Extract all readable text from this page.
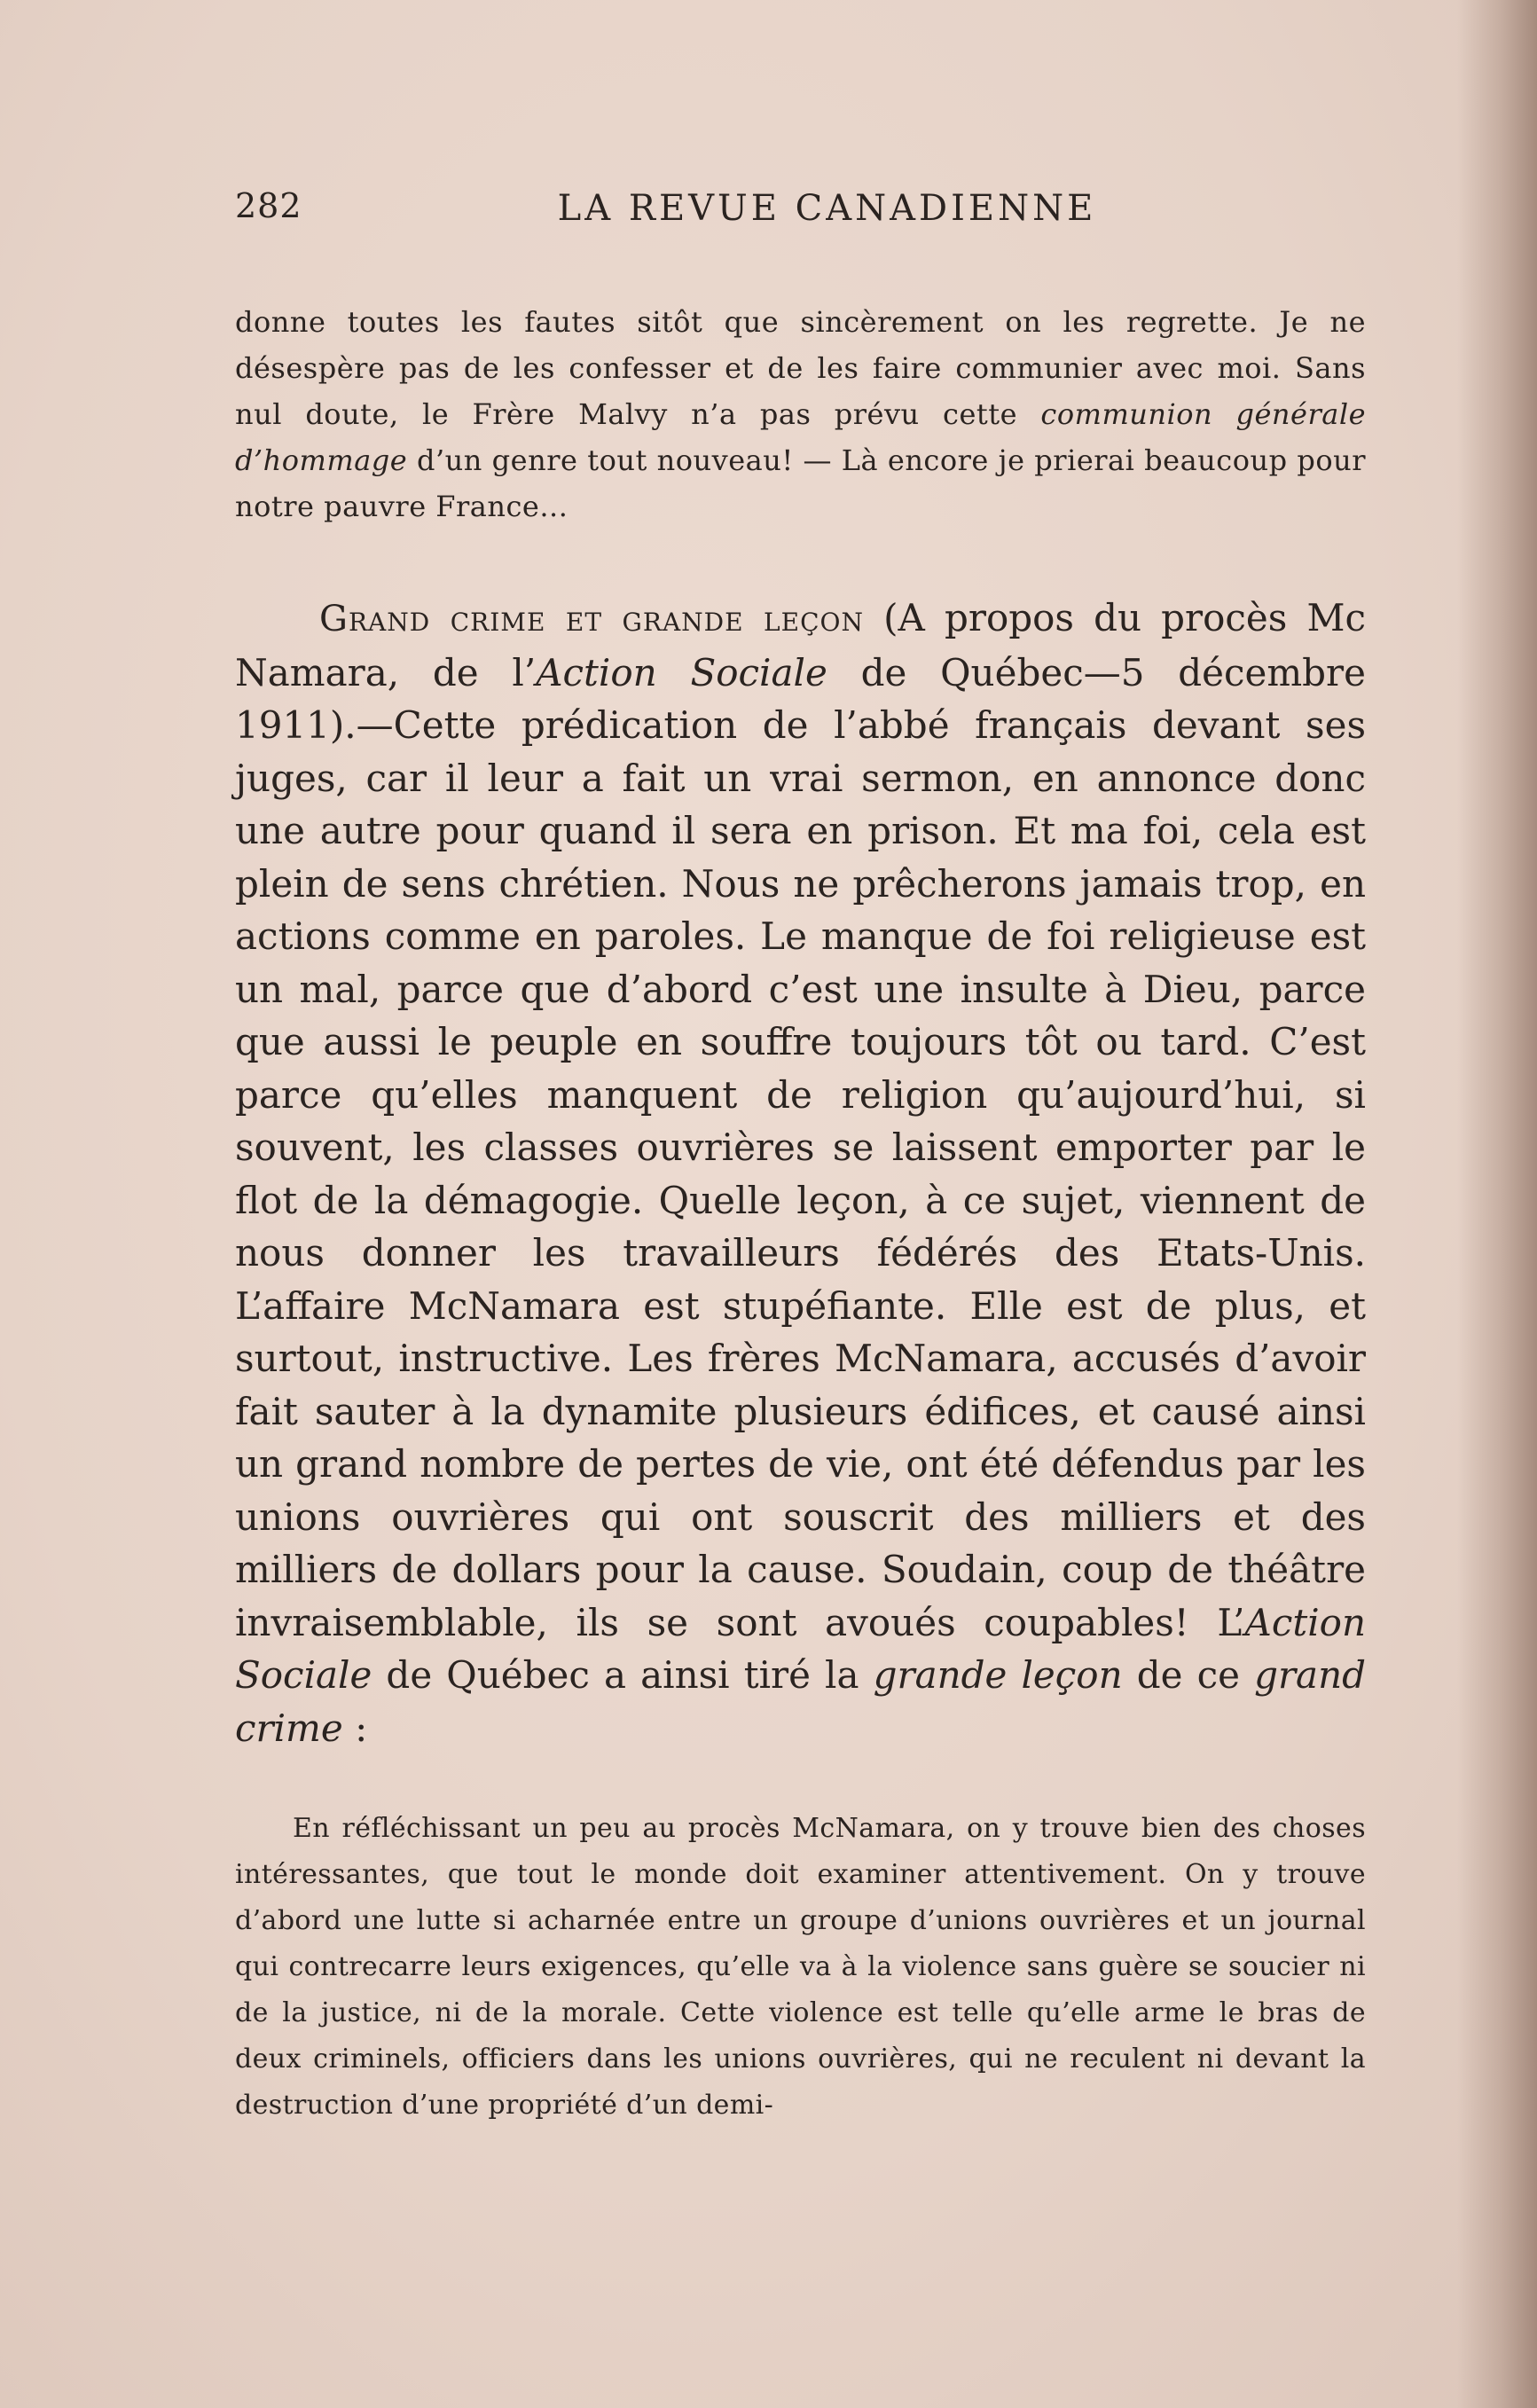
282	LA REVUE CANADIENNE

donne toutes les fautes sitôt que sincèrement on les regrette. Je ne désespère pas de les confesser et de les faire communier avec moi. Sans nul doute, le Frère Malvy n’a pas prévu cette communion générale d’hommage d’un genre tout nouveau! — Là encore je prierai beaucoup pour notre pauvre France...

Grand crime et grande leçon (A propos du procès Mc Namara, de l’Action Sociale de Québec—5 décembre 1911).—Cette prédication de l’abbé français devant ses juges, car il leur a fait un vrai sermon, en annonce donc une autre pour quand il sera en prison. Et ma foi, cela est plein de sens chrétien. Nous ne prêcherons jamais trop, en actions comme en paroles. Le manque de foi religieuse est un mal, parce que d’abord c’est une insulte à Dieu, parce que aussi le peuple en souffre toujours tôt ou tard. C’est parce qu’elles manquent de religion qu’aujourd’hui, si souvent, les classes ouvrières se laissent emporter par le flot de la démagogie. Quelle leçon, à ce sujet, viennent de nous donner les travailleurs fédérés des Etats-Unis. L’affaire McNamara est stupéfiante. Elle est de plus, et surtout, instructive. Les frères McNamara, accusés d’avoir fait sauter à la dynamite plusieurs édifices, et causé ainsi un grand nombre de pertes de vie, ont été défendus par les unions ouvrières qui ont souscrit des milliers et des milliers de dollars pour la cause. Soudain, coup de théâtre invraisemblable, ils se sont avoués coupables! L’Action Sociale de Québec a ainsi tiré la grande leçon de ce grand crime :

En réfléchissant un peu au procès McNamara, on y trouve bien des choses intéressantes, que tout le monde doit examiner attentivement. On y trouve d’abord une lutte si acharnée entre un groupe d’unions ouvrières et un journal qui contrecarre leurs exigences, qu’elle va à la violence sans guère se soucier ni de la justice, ni de la morale. Cette violence est telle qu’elle arme le bras de deux criminels, officiers dans les unions ouvrières, qui ne reculent ni devant la destruction d’une propriété d’un demi-
